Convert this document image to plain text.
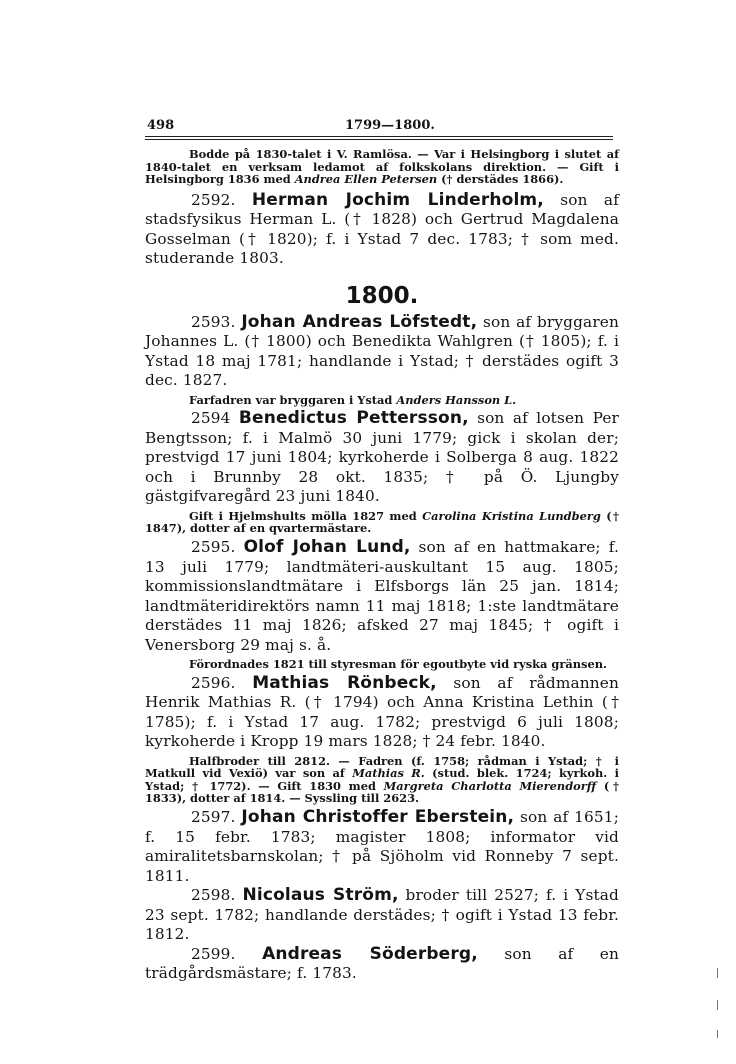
498	1799—1800.

Bodde på 1830-talet i V. Ramlösa. — Var i Helsingborg i slutet af 1840-talet en verksam ledamot af folkskolans direktion. — Gift i Helsingborg 1836 med Andrea Ellen Petersen († derstädes 1866).

2592. Herman Jochim Linderholm, son af stadsfysikus Herman L. († 1828) och Gertrud Magdalena Gosselman († 1820); f. i Ystad 7 dec. 1783; † som med. studerande 1803.

1800.

2593. Johan Andreas Löfstedt, son af bryggaren Johannes L. († 1800) och Benedikta Wahlgren († 1805); f. i Ystad 18 maj 1781; handlande i Ystad; † derstädes ogift 3 dec. 1827.

Farfadren var bryggaren i Ystad Anders Hansson L.

2594 Benedictus Pettersson, son af lotsen Per Bengtsson; f. i Malmö 30 juni 1779; gick i skolan der; prestvigd 17 juni 1804; kyrkoherde i Solberga 8 aug. 1822 och i Brunnby 28 okt. 1835; † på Ö. Ljungby gästgifvaregård 23 juni 1840.

Gift i Hjelmshults mölla 1827 med Carolina Kristina Lundberg († 1847), dotter af en qvartermästare.

2595. Olof Johan Lund, son af en hattmakare; f. 13 juli 1779; landtmäteri-auskultant 15 aug. 1805; kommissionslandtmätare i Elfsborgs län 25 jan. 1814; landtmäteridirektörs namn 11 maj 1818; 1:ste landtmätare derstädes 11 maj 1826; afsked 27 maj 1845; † ogift i Venersborg 29 maj s. å.

Förordnades 1821 till styresman för egoutbyte vid ryska gränsen.

2596. Mathias Rönbeck, son af rådmannen Henrik Mathias R. († 1794) och Anna Kristina Lethin († 1785); f. i Ystad 17 aug. 1782; prestvigd 6 juli 1808; kyrkoherde i Kropp 19 mars 1828; † 24 febr. 1840.

Halfbroder till 2812. — Fadren (f. 1758; rådman i Ystad; † i Matkull vid Vexiö) var son af Mathias R. (stud. blek. 1724; kyrkoh. i Ystad; † 1772). — Gift 1830 med Margreta Charlotta Mierendorff († 1833), dotter af 1814. — Syssling till 2623.

2597. Johan Christoffer Eberstein, son af 1651; f. 15 febr. 1783; magister 1808; informator vid amiralitetsbarnskolan; † på Sjöholm vid Ronneby 7 sept. 1811.

2598. Nicolaus Ström, broder till 2527; f. i Ystad 23 sept. 1782; handlande derstädes; † ogift i Ystad 13 febr. 1812.

2599. Andreas Söderberg, son af en trädgårdsmästare; f. 1783.
